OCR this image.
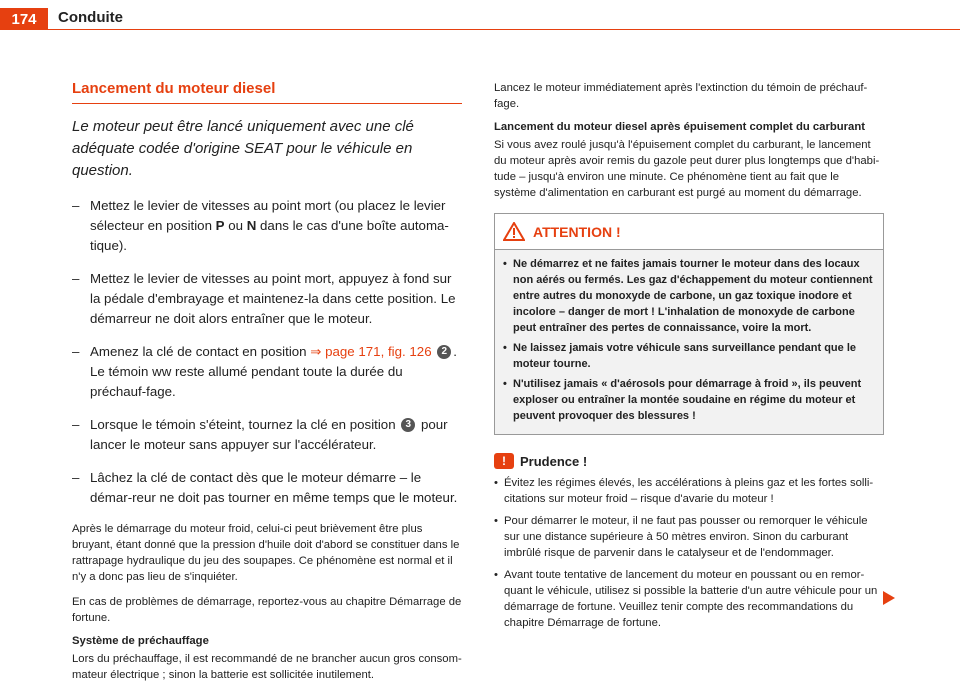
174	Conduite
Lancement du moteur diesel

Le moteur peut être lancé uniquement avec une clé adéquate codée d'origine SEAT pour le véhicule en question.

– Mettez le levier de vitesses au point mort (ou placez le levier sélecteur en position P ou N dans le cas d'une boîte automa-tique).
– Mettez le levier de vitesses au point mort, appuyez à fond sur la pédale d'embrayage et maintenez-la dans cette position. Le démarreur ne doit alors entraîner que le moteur.
– Amenez la clé de contact en position ⇒ page 171, fig. 126 2 . Le témoin ᴡᴡ reste allumé pendant toute la durée du préchauf-fage.
– Lorsque le témoin s'éteint, tournez la clé en position 3 pour lancer le moteur sans appuyer sur l'accélérateur.
– Lâchez la clé de contact dès que le moteur démarre – le démar-reur ne doit pas tourner en même temps que le moteur.

Après le démarrage du moteur froid, celui-ci peut brièvement être plus bruyant, étant donné que la pression d'huile doit d'abord se constituer dans le rattrapage hydraulique du jeu des soupapes. Ce phénomène est normal et il n'y a donc pas lieu de s'inquiéter.

En cas de problèmes de démarrage, reportez-vous au chapitre Démarrage de fortune.

Système de préchauffage

Lors du préchauffage, il est recommandé de ne brancher aucun gros consom-mateur électrique ; sinon la batterie est sollicitée inutilement.

Lancez le moteur immédiatement après l'extinction du témoin de préchauf-fage.

Lancement du moteur diesel après épuisement complet du carburant

Si vous avez roulé jusqu'à l'épuisement complet du carburant, le lancement du moteur après avoir remis du gazole peut durer plus longtemps que d'habi-tude – jusqu'à environ une minute. Ce phénomène tient au fait que le système d'alimentation en carburant est purgé au moment du démarrage.

ATTENTION !
• Ne démarrez et ne faites jamais tourner le moteur dans des locaux non aérés ou fermés. Les gaz d'échappement du moteur contiennent entre autres du monoxyde de carbone, un gaz toxique inodore et incolore – danger de mort ! L'inhalation de monoxyde de carbone peut entraîner des pertes de connaissance, voire la mort.
• Ne laissez jamais votre véhicule sans surveillance pendant que le moteur tourne.
• N'utilisez jamais « d'aérosols pour démarrage à froid », ils peuvent exploser ou entraîner la montée soudaine en régime du moteur et peuvent provoquer des blessures !
!	Prudence !
• Évitez les régimes élevés, les accélérations à pleins gaz et les fortes solli-citations sur moteur froid – risque d'avarie du moteur !
• Pour démarrer le moteur, il ne faut pas pousser ou remorquer le véhicule sur une distance supérieure à 50 mètres environ. Sinon du carburant imbrûlé risque de parvenir dans le catalyseur et de l'endommager.
• Avant toute tentative de lancement du moteur en poussant ou en remor-quant le véhicule, utilisez si possible la batterie d'un autre véhicule pour un démarrage de fortune. Veuillez tenir compte des recommandations du chapitre Démarrage de fortune.
